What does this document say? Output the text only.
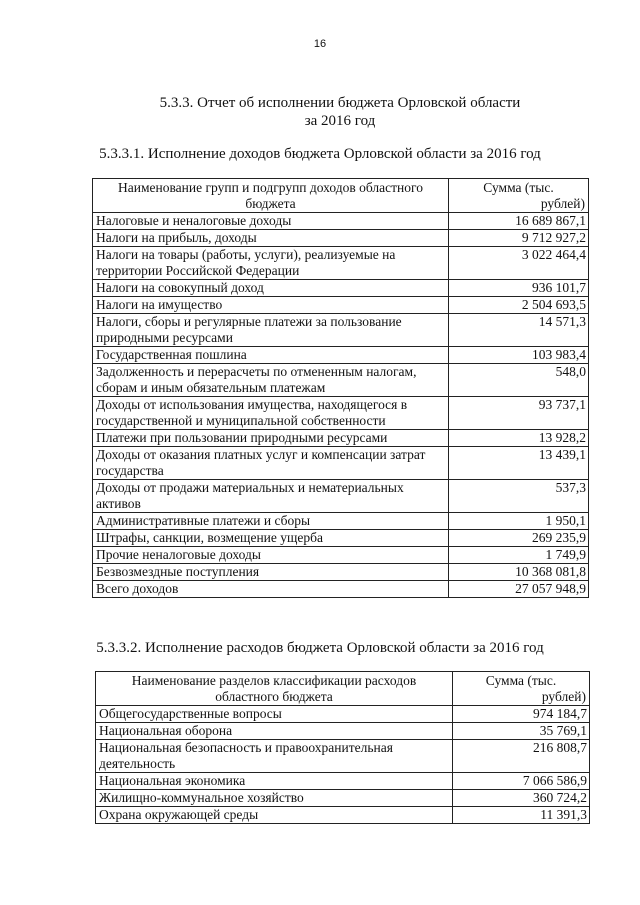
16
5.3.3. Отчет об исполнении бюджета Орловской области
за 2016 год
5.3.3.1. Исполнение доходов бюджета Орловской области за 2016 год
Наименование групп и подгрупп доходов областного бюджета	Сумма (тыс.
рублей)

Налоговые и неналоговые доходы	16 689 867,1
Налоги на прибыль, доходы	9 712 927,2
Налоги на товары (работы, услуги), реализуемые на территории Российской Федерации	3 022 464,4
Налоги на совокупный доход	936 101,7
Налоги на имущество	2 504 693,5
Налоги, сборы и регулярные платежи за пользование природными ресурсами	14 571,3
Государственная пошлина	103 983,4
Задолженность и перерасчеты по отмененным налогам, сборам и иным обязательным платежам	548,0
Доходы от использования имущества, находящегося в государственной и муниципальной собственности	93 737,1
Платежи при пользовании природными ресурсами	13 928,2
Доходы от оказания платных услуг и компенсации затрат государства	13 439,1
Доходы от продажи материальных и нематериальных активов	537,3
Административные платежи и сборы	1 950,1
Штрафы, санкции, возмещение ущерба	269 235,9
Прочие неналоговые доходы	1 749,9
Безвозмездные поступления	10 368 081,8
Всего доходов	27 057 948,9
5.3.3.2. Исполнение расходов бюджета Орловской области за 2016 год
Наименование разделов классификации расходов областного бюджета	Сумма (тыс.
рублей)

Общегосударственные вопросы	974 184,7
Национальная оборона	35 769,1
Национальная безопасность и правоохранительная деятельность	216 808,7
Национальная экономика	7 066 586,9
Жилищно-коммунальное хозяйство	360 724,2
Охрана окружающей среды	11 391,3
